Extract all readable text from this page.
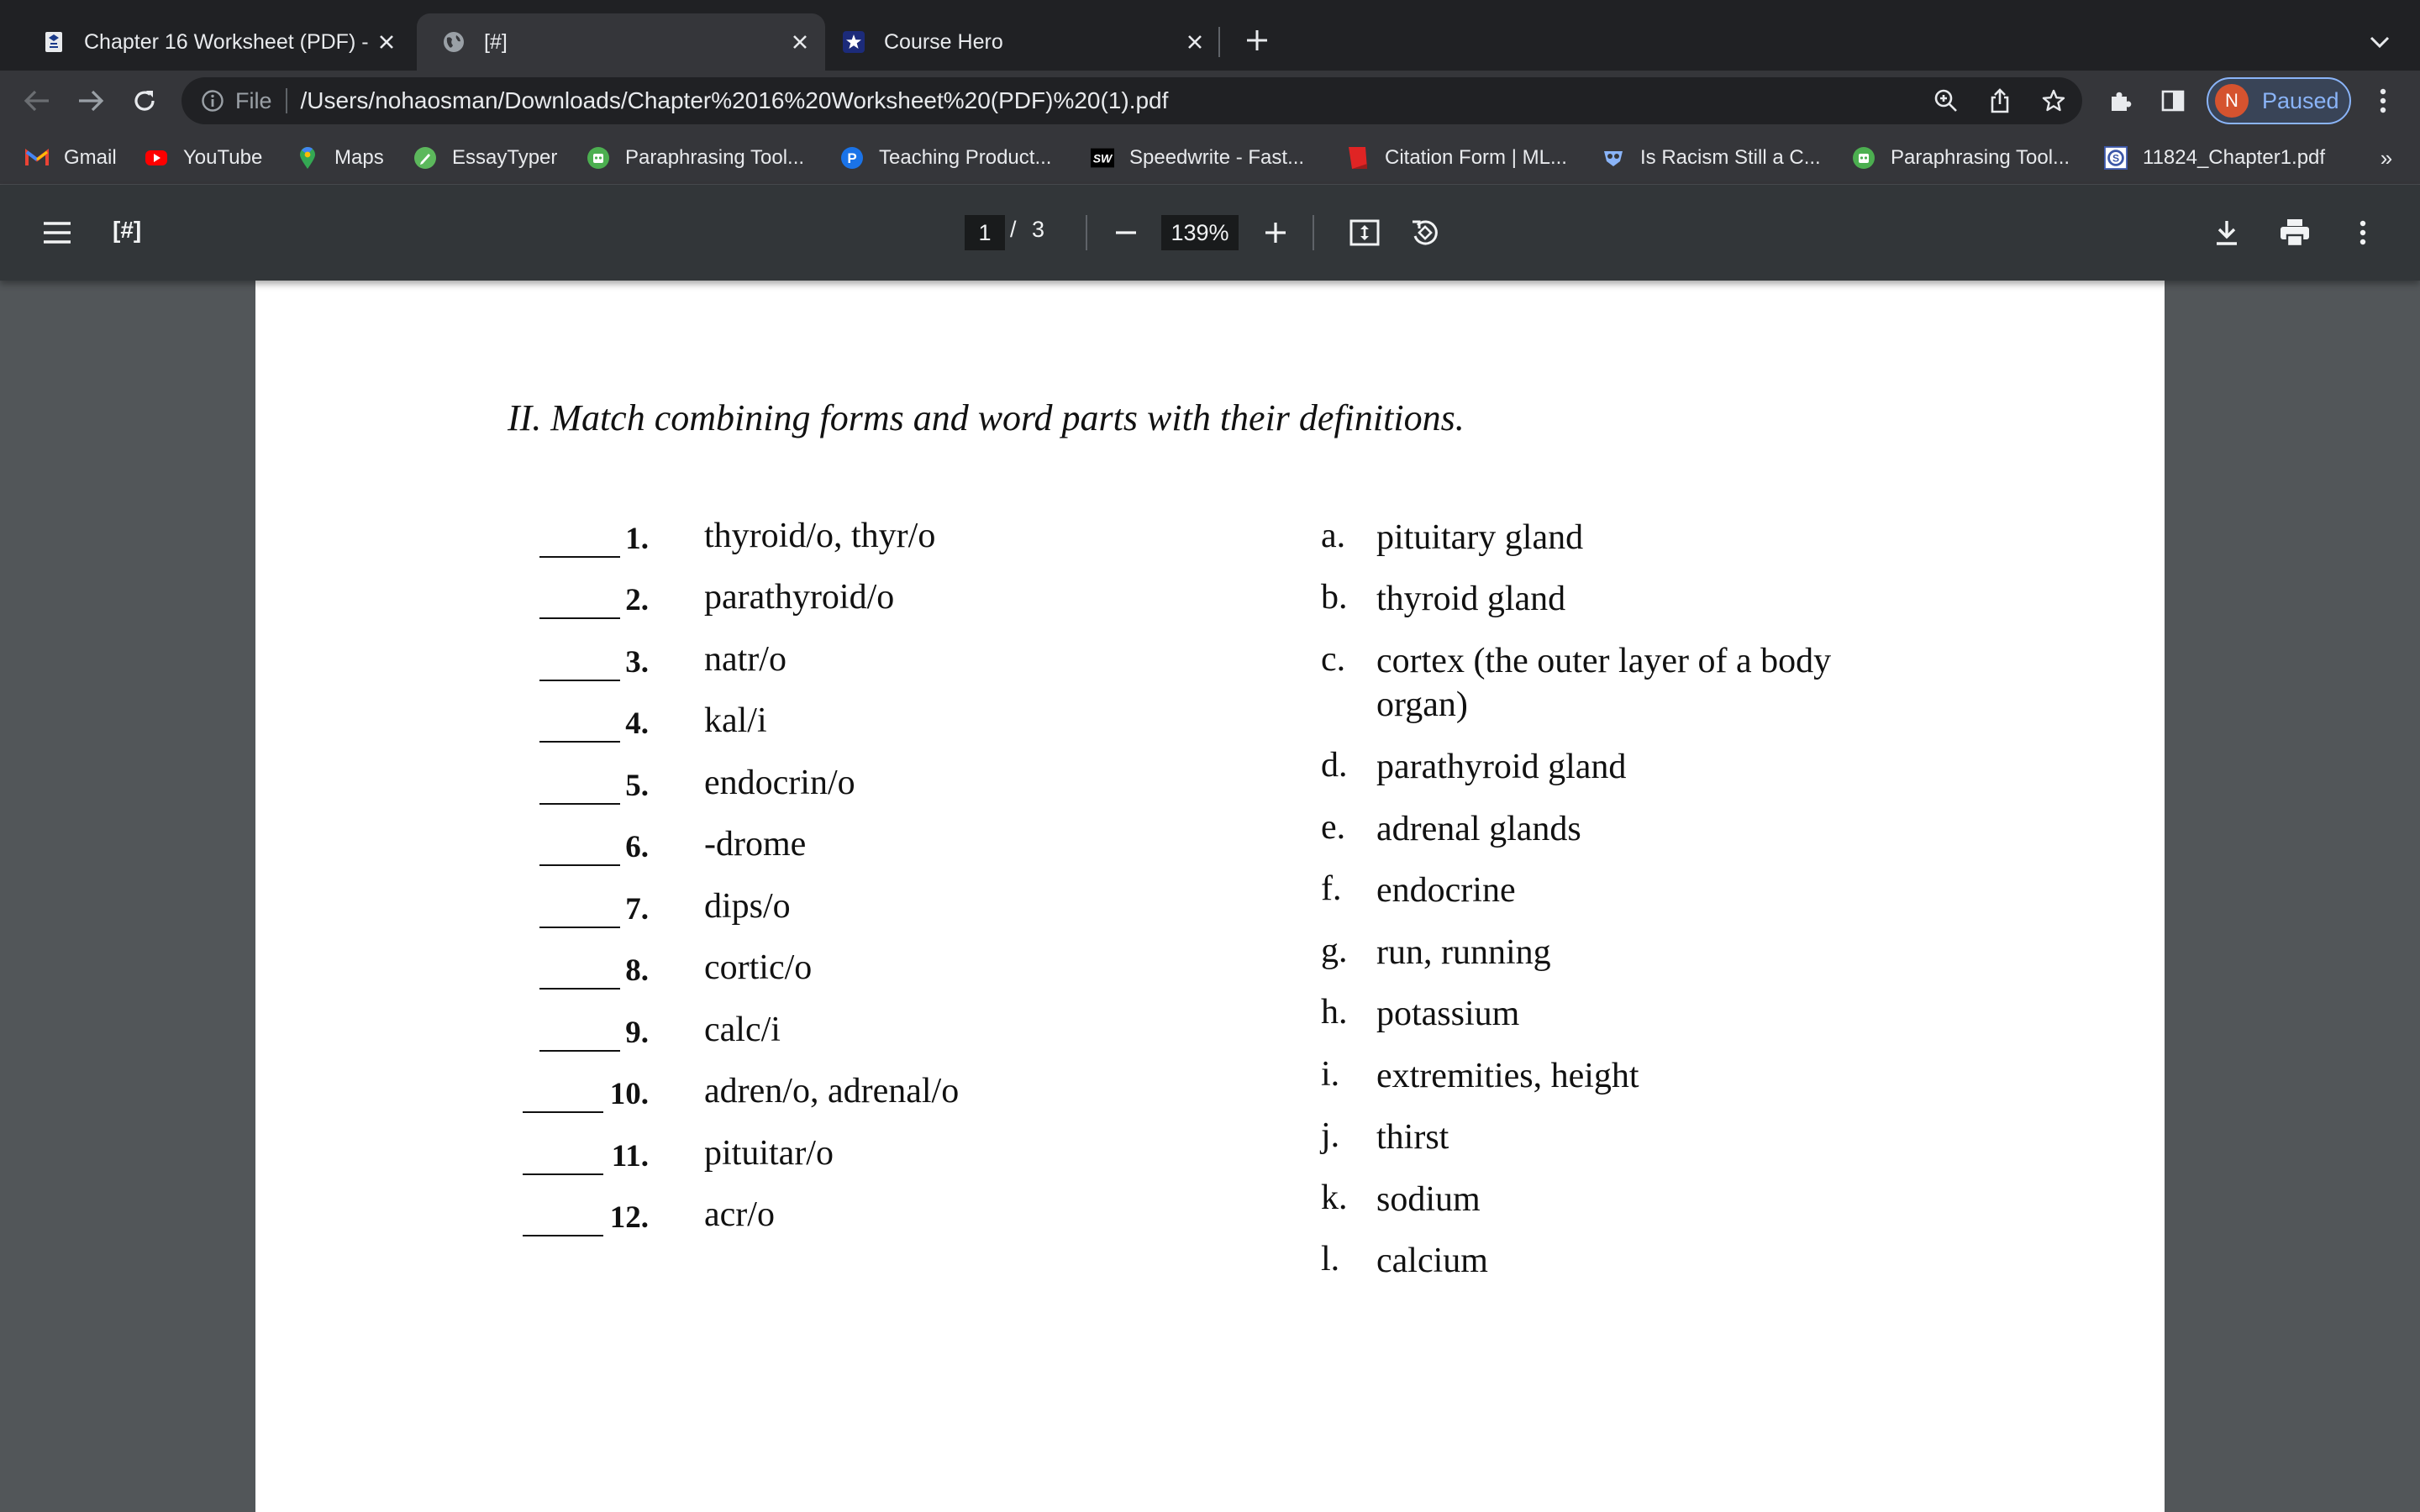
Chapter 16 Worksheet (PDF) -	[#]	Course Hero
File /Users/nohaosman/Downloads/Chapter%2016%20Worksheet%20(PDF)%20(1).pdf	N	Paused
Gmail	YouTube	Maps	EssayTyper	Paraphrasing Tool...	P Teaching Product...	SW Speedwrite - Fast...	Citation Form | ML...	Is Racism Still a C...	Paraphrasing Tool...	S 11824_Chapter1.pdf	»
[#]	1 / 3	139%
II. Match combining forms and word parts with their definitions.
1. thyroid/o, thyr/o
2. parathyroid/o
3. natr/o
4. kal/i
5. endocrin/o
6. -drome
7. dips/o
8. cortic/o
9. calc/i
10. adren/o, adrenal/o
11. pituitar/o
12. acr/o
a. pituitary gland
b. thyroid gland
c. cortex (the outer layer of a body
organ)
d. parathyroid gland
e. adrenal glands
f. endocrine
g. run, running
h. potassium
i. extremities, height
j. thirst
k. sodium
l. calcium
